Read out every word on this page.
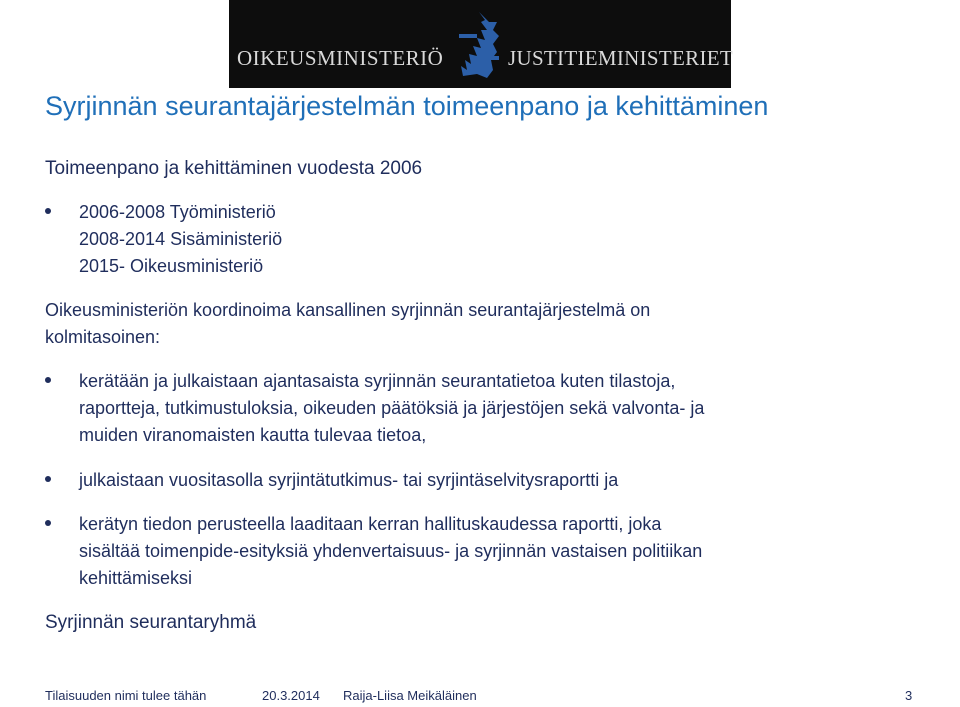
OIKEUSMINISTERIÖ	JUSTITIEMINISTERIET
Syrjinnän seurantajärjestelmän toimeenpano ja kehittäminen
Toimeenpano ja kehittäminen vuodesta 2006
2006-2008 Työministeriö
2008-2014 Sisäministeriö
2015- Oikeusministeriö
Oikeusministeriön koordinoima kansallinen syrjinnän seurantajärjestelmä on
kolmitasoinen:
kerätään ja julkaistaan ajantasaista syrjinnän seurantatietoa kuten tilastoja,
raportteja, tutkimustuloksia, oikeuden päätöksiä ja järjestöjen sekä valvonta- ja
muiden viranomaisten kautta tulevaa tietoa,
julkaistaan vuositasolla syrjintätutkimus- tai syrjintäselvitysraportti ja
kerätyn tiedon perusteella laaditaan kerran hallituskaudessa raportti, joka
sisältää toimenpide-esityksiä yhdenvertaisuus- ja syrjinnän vastaisen politiikan
kehittämiseksi
Syrjinnän seurantaryhmä
Tilaisuuden nimi tulee tähän	20.3.2014 Raija-Liisa Meikäläinen	3
